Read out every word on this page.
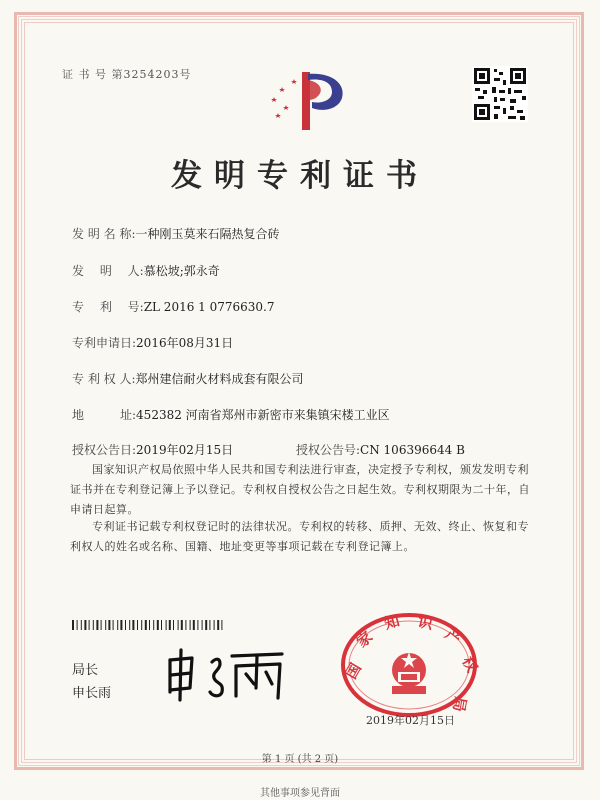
证 书 号 第3254203号
发明专利证书
发 明 名 称:一种刚玉莫来石隔热复合砖
发　 明 　人:慕松坡;郭永奇
专　 利 　号:ZL 2016 1 0776630.7
专利申请日:2016年08月31日
专 利 权 人:郑州建信耐火材料成套有限公司
地　　　址:452382 河南省郑州市新密市来集镇宋楼工业区
授权公告日:2019年02月15日	授权公告号:CN 106396644 B
国家知识产权局依照中华人民共和国专利法进行审查，决定授予专利权，颁发发明专利证书并在专利登记簿上予以登记。专利权自授权公告之日起生效。专利权期限为二十年，自申请日起算。
专利证书记载专利权登记时的法律状况。专利权的转移、质押、无效、终止、恢复和专利权人的姓名或名称、国籍、地址变更等事项记载在专利登记簿上。
局长
申长雨
国
家
知 识
产
权
局
2019年02月15日
第 1 页 (共 2 页)
其他事项参见背面
